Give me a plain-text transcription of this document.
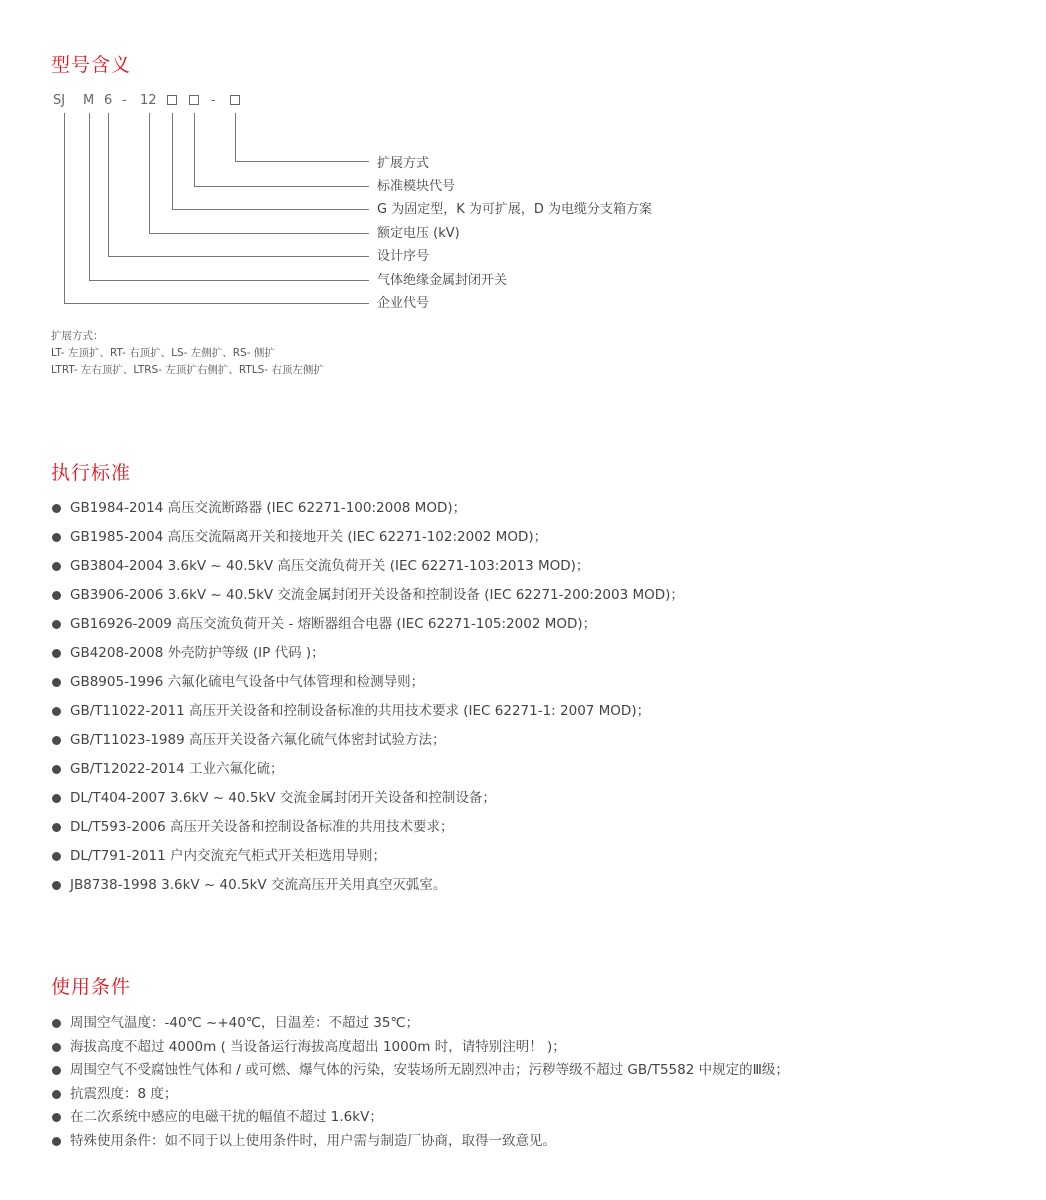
型号含义
SJ M 6 - 12	-
扩展方式
标准模块代号
G 为固定型，K 为可扩展，D 为电缆分支箱方案
额定电压 (kV)
设计序号
气体绝缘金属封闭开关
企业代号
扩展方式：
LT- 左顶扩、RT- 右顶扩、LS- 左侧扩、RS- 侧扩
LTRT- 左右顶扩、LTRS- 左顶扩右侧扩、RTLS- 右顶左侧扩
执行标准
GB1984-2014 高压交流断路器 (IEC 62271-100:2008 MOD)；
GB1985-2004 高压交流隔离开关和接地开关 (IEC 62271-102:2002 MOD)；
GB3804-2004 3.6kV ~ 40.5kV 高压交流负荷开关 (IEC 62271-103:2013 MOD)；
GB3906-2006 3.6kV ~ 40.5kV 交流金属封闭开关设备和控制设备 (IEC 62271-200:2003 MOD)；
GB16926-2009 高压交流负荷开关 - 熔断器组合电器 (IEC 62271-105:2002 MOD)；
GB4208-2008 外壳防护等级 (IP 代码 )；
GB8905-1996 六氟化硫电气设备中气体管理和检测导则；
GB/T11022-2011 高压开关设备和控制设备标准的共用技术要求 (IEC 62271-1: 2007 MOD)；
GB/T11023-1989 高压开关设备六氟化硫气体密封试验方法；
GB/T12022-2014 工业六氟化硫；
DL/T404-2007 3.6kV ~ 40.5kV 交流金属封闭开关设备和控制设备；
DL/T593-2006 高压开关设备和控制设备标准的共用技术要求；
DL/T791-2011 户内交流充气柜式开关柜选用导则；
JB8738-1998 3.6kV ~ 40.5kV 交流高压开关用真空灭弧室。
使用条件
周围空气温度：-40℃ ~+40℃，日温差：不超过 35℃；
海拔高度不超过 4000m ( 当设备运行海拔高度超出 1000m 时，请特别注明！ )；
周围空气不受腐蚀性气体和 / 或可燃、爆气体的污染，安装场所无剧烈冲击；污秽等级不超过 GB/T5582 中规定的Ⅲ级；
抗震烈度：8 度；
在二次系统中感应的电磁干扰的幅值不超过 1.6kV；
特殊使用条件：如不同于以上使用条件时，用户需与制造厂协商，取得一致意见。
